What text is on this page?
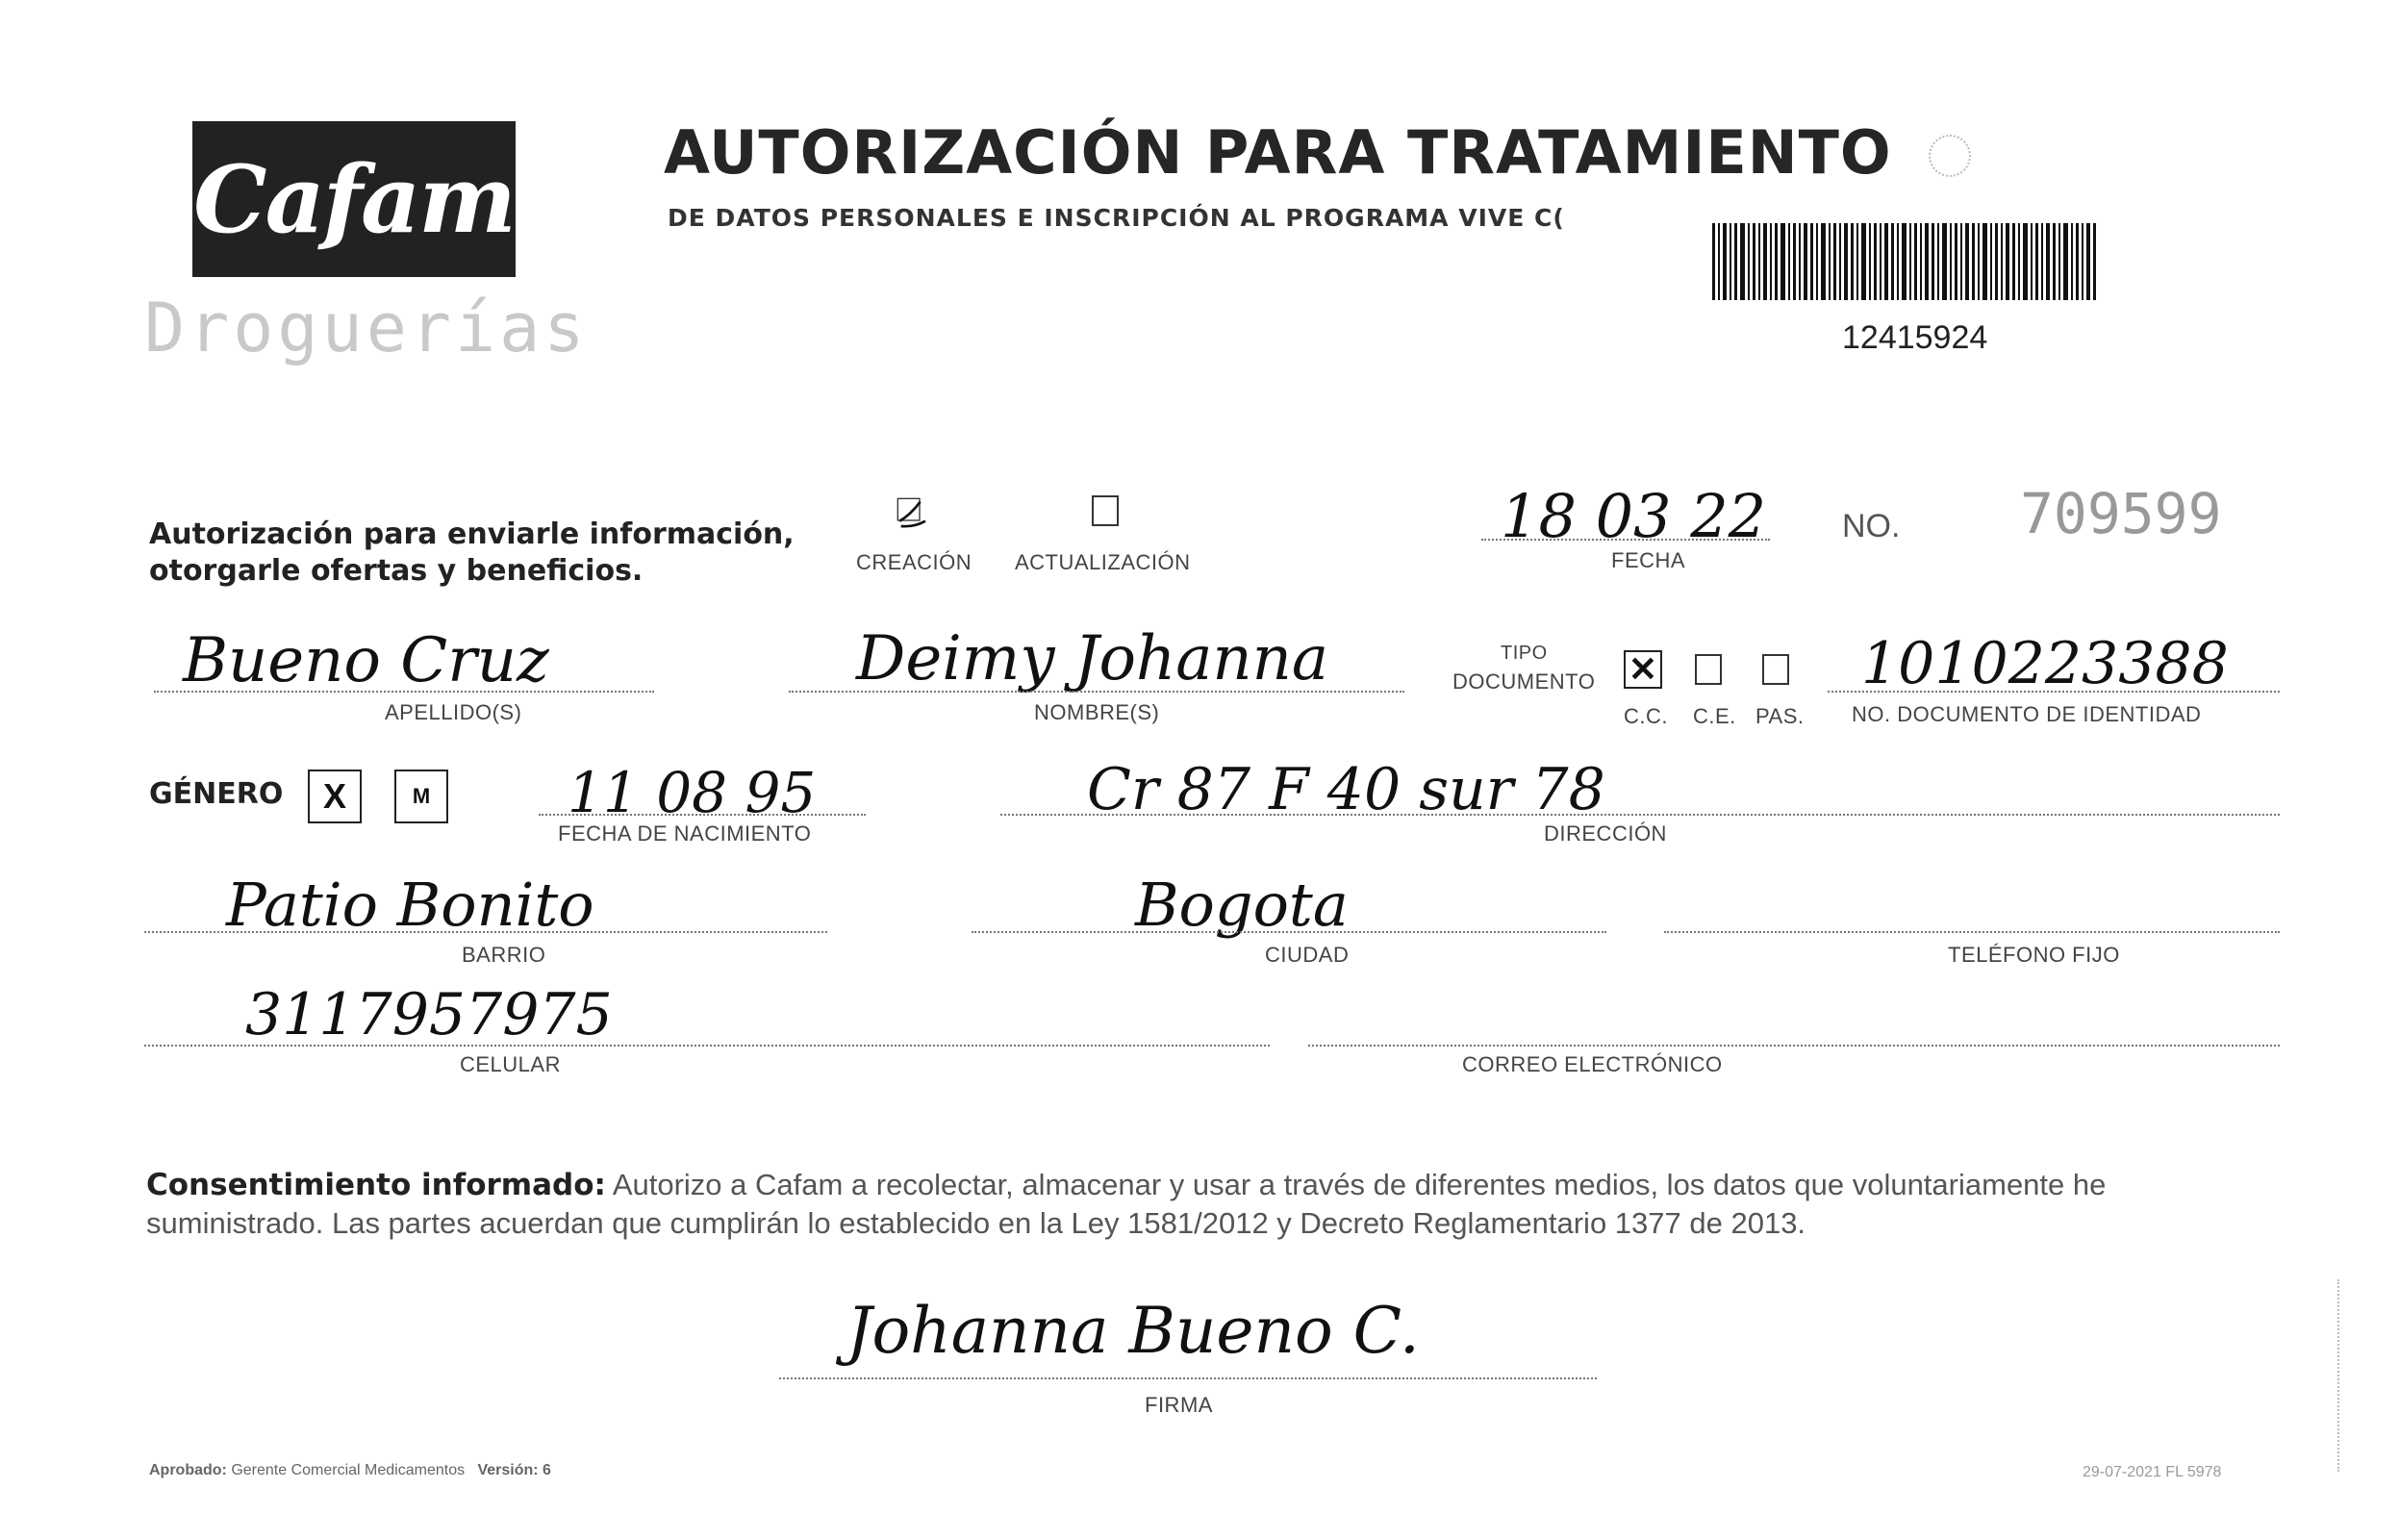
Cafam
Droguerías
AUTORIZACIÓN PARA TRATAMIENTO
DE DATOS PERSONALES E INSCRIPCIÓN AL PROGRAMA VIVE C(
12415924
Autorización para enviarle información,
otorgarle ofertas y beneficios.	CREACIÓN ACTUALIZACIÓN
18 03 22
FECHA
NO. 709599
Bueno Cruz
APELLIDO(S)
Deimy Johanna
NOMBRE(S)
TIPO
DOCUMENTO ✕
C.C. C.E. PAS.
1010223388
NO. DOCUMENTO DE IDENTIDAD
GÉNERO X	M 11 08 95
FECHA DE NACIMIENTO
Cr 87 F 40 sur 78
DIRECCIÓN
Patio Bonito
BARRIO
Bogota
CIUDAD	TELÉFONO FIJO
3117957975
CELULAR	CORREO ELECTRÓNICO
Consentimiento informado: Autorizo a Cafam a recolectar, almacenar y usar a través de diferentes medios, los datos que voluntariamente he suministrado. Las partes acuerdan que cumplirán lo establecido en la Ley 1581/2012 y Decreto Reglamentario 1377 de 2013.
Johanna Bueno C.
FIRMA
Aprobado: Gerente Comercial Medicamentos Versión: 6	29-07-2021 FL 5978
